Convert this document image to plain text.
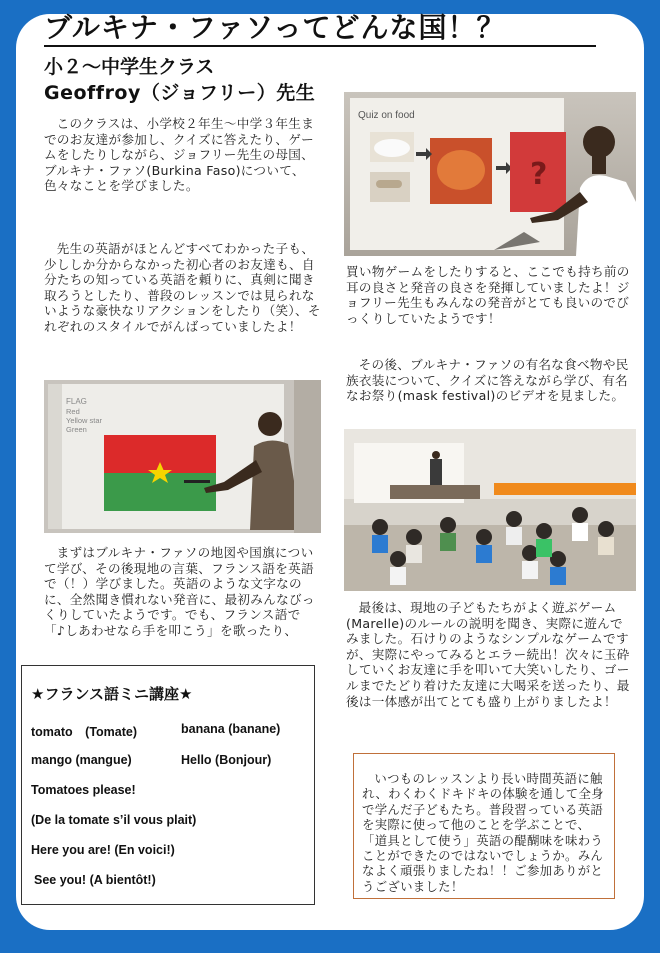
ブルキナ・ファソってどんな国！？
小２～中学生クラス
Geoffroy（ジョフリー）先生
このクラスは、小学校２年生～中学３年生までのお友達が参加し、クイズに答えたり、ゲームをしたりしながら、ジョフリー先生の母国、ブルキナ・ファソ(Burkina Faso)について、色々なことを学びました。
先生の英語がほとんどすべてわかった子も、少ししか分からなかった初心者のお友達も、自分たちの知っている英語を頼りに、真剣に聞き取ろうとしたり、普段のレッスンでは見られないような豪快なリアクションをしたり（笑）、それぞれのスタイルでがんばっていましたよ！
Quiz on food
?
買い物ゲームをしたりすると、ここでも持ち前の耳の良さと発音の良さを発揮していましたよ！ジョフリー先生もみんなの発音がとても良いのでびっくりしていたようです！
その後、ブルキナ・ファソの有名な食べ物や民族衣装について、クイズに答えながら学び、有名なお祭り(mask festival)のビデオを見ました。
FLAG
Red
Yellow star
Green
まずはブルキナ・ファソの地図や国旗について学び、その後現地の言葉、フランス語を英語で（！）学びました。英語のような文字なのに、全然聞き慣れない発音に、最初みんなびっくりしていたようです。でも、フランス語で「♪しあわせなら手を叩こう」を歌ったり、
最後は、現地の子どもたちがよく遊ぶゲーム(Marelle)のルールの説明を聞き、実際に遊んでみました。石けりのようなシンプルなゲームですが、実際にやってみるとエラー続出！次々に玉砕していくお友達に手を叩いて大笑いしたり、ゴールまでたどり着けた友達に大喝采を送ったり、最後は一体感が出てとても盛り上がりましたよ！
★フランス語ミニ講座★
tomato　(Tomate)	banana (banane)
mango (mangue)	Hello (Bonjour)
Tomatoes please!
(De la tomate s’il vous plait)
Here you are! (En voici!)
See you! (A bientôt!)
いつものレッスンより長い時間英語に触れ、わくわくドキドキの体験を通して全身で学んだ子どもたち。普段習っている英語を実際に使って他のことを学ぶことで、「道具として使う」英語の醍醐味を味わうことができたのではないでしょうか。みんなよく頑張りましたね！！ご参加ありがとうございました！
